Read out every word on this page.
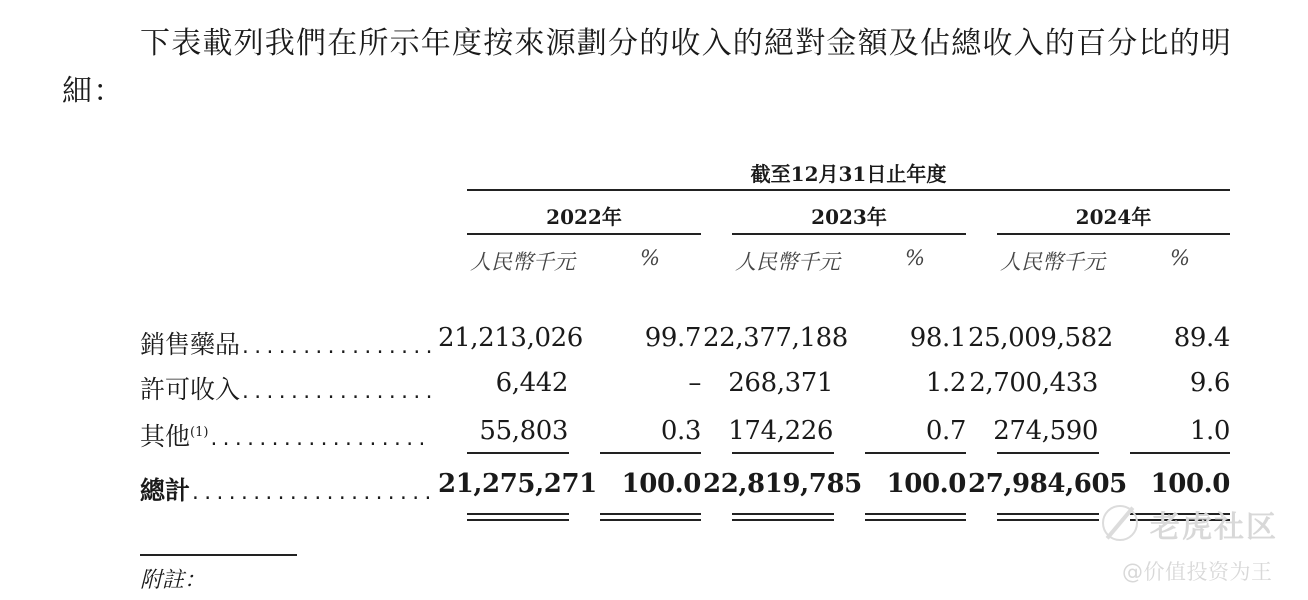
下表載列我們在所示年度按來源劃分的收入的絕對金額及佔總收入的百分比的明
細：
截至12月31日止年度
2022年	2023年	2024年
人民幣千元	%	人民幣千元	%	人民幣千元	%
銷售藥品................ 21,213,026	99.7 22,377,188	98.1 25,009,582	89.4
許可收入................	6,442	–	268,371	1.2 2,700,433	9.6
其他$^{(1)}$..................	55,803	0.3	174,226	0.7	274,590	1.0
總計.................... 21,275,271 100.0 22,819,785 100.0 27,984,605 100.0
附註：
老虎社区
@价值投资为王
